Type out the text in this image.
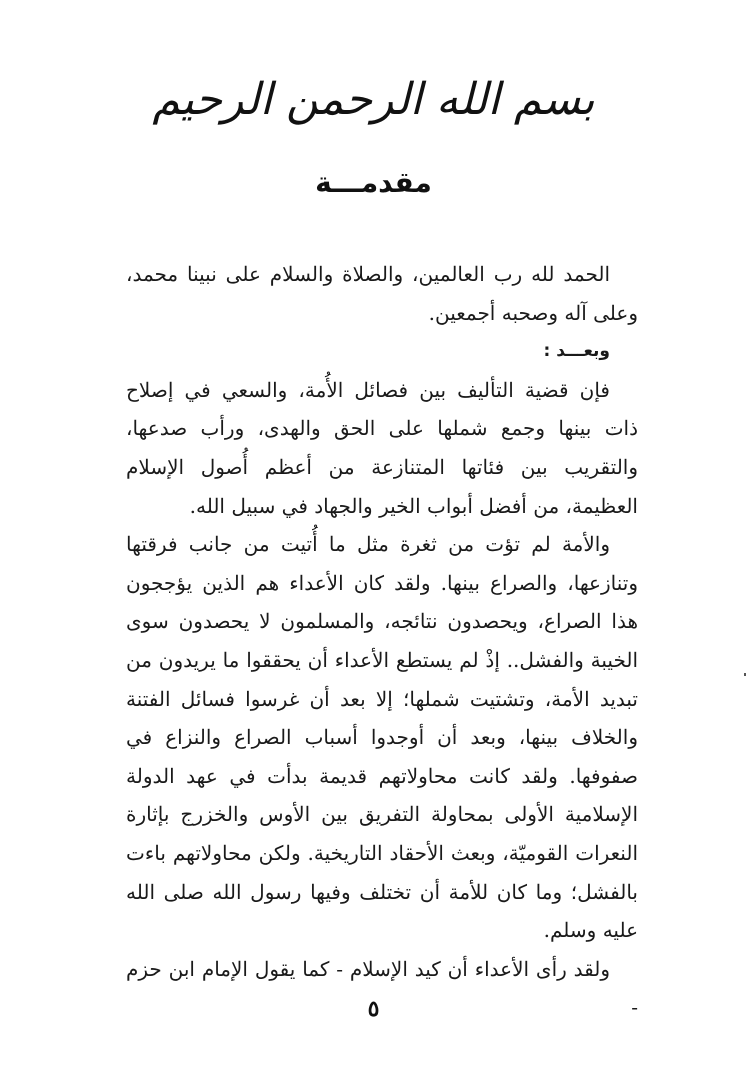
بسم الله الرحمن الرحيم
مقدمـــة

الحمد لله رب العالمين، والصلاة والسلام على نبينا محمد، وعلى آله وصحبه أجمعين.

وبعـــد :

فإن قضية التأليف بين فصائل الأُمة، والسعي في إصلاح ذات بينها وجمع شملها على الحق والهدى، ورأب صدعها، والتقريب بين فئاتها المتنازعة من أعظم أُصول الإسلام العظيمة، من أفضل أبواب الخير والجهاد في سبيل الله.

والأمة لم تؤت من ثغرة مثل ما أُتيت من جانب فرقتها وتنازعها، والصراع بينها. ولقد كان الأعداء هم الذين يؤججون هذا الصراع، ويحصدون نتائجه، والمسلمون لا يحصدون سوى الخيبة والفشل.. إذْ لم يستطع الأعداء أن يحققوا ما يريدون من تبديد الأمة، وتشتيت شملها؛ إلا بعد أن غرسوا فسائل الفتنة والخلاف بينها، وبعد أن أوجدوا أسباب الصراع والنزاع في صفوفها. ولقد كانت محاولاتهم قديمة بدأت في عهد الدولة الإسلامية الأولى بمحاولة التفريق بين الأوس والخزرج بإثارة النعرات القوميّة، وبعث الأحقاد التاريخية. ولكن محاولاتهم باءت بالفشل؛ وما كان للأمة أن تختلف وفيها رسول الله صلى الله عليه وسلم.

ولقد رأى الأعداء أن كيد الإسلام - كما يقول الإمام ابن حزم -

٥
